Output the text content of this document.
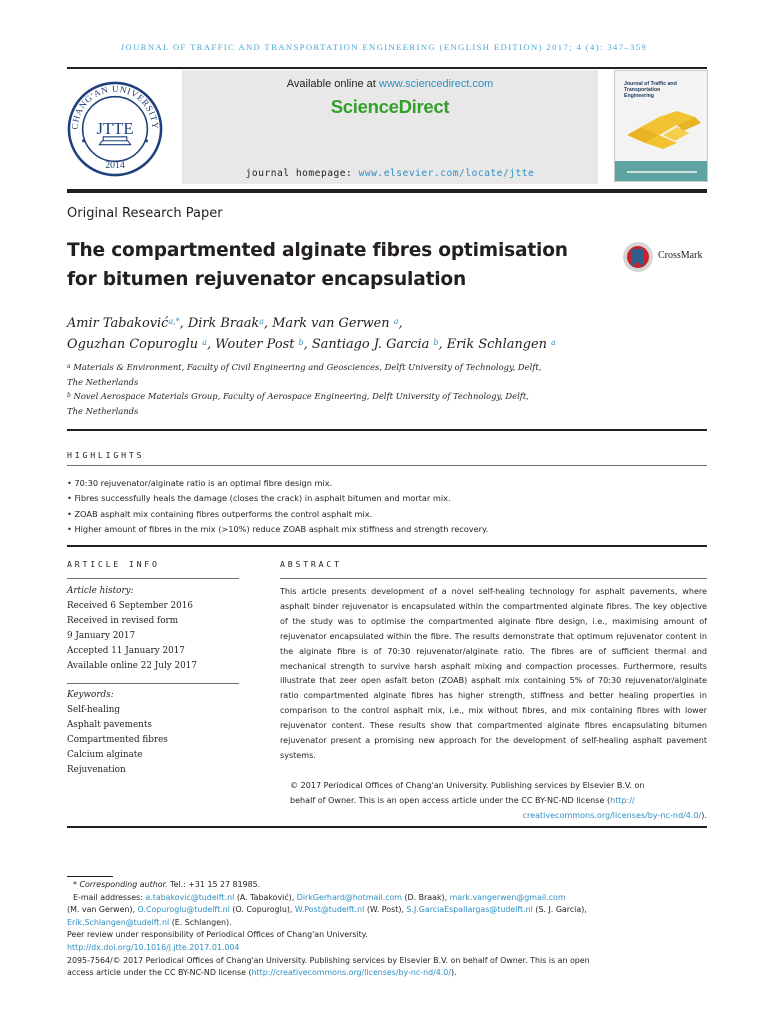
JOURNAL OF TRAFFIC AND TRANSPORTATION ENGINEERING (ENGLISH EDITION) 2017; 4 (4): 347–359
CHANG'AN UNIVERSITY
JTTE
2014
Available online at www.sciencedirect.com
ScienceDirect
journal homepage: www.elsevier.com/locate/jtte
Journal of Traffic and Transportation Engineering
Original Research Paper
The compartmented alginate fibres optimisation
for bitumen rejuvenator encapsulation
CrossMark
Amir Tabaković$^{a,*}$, Dirk Braak$^a$, Mark van Gerwen $^a$,
Oguzhan Copuroglu $^a$, Wouter Post $^b$, Santiago J. Garcia $^b$, Erik Schlangen $^a$
$^a$ Materials & Environment, Faculty of Civil Engineering and Geosciences, Delft University of Technology, Delft,
The Netherlands
$^b$ Novel Aerospace Materials Group, Faculty of Aerospace Engineering, Delft University of Technology, Delft,
The Netherlands
HIGHLIGHTS
• 70:30 rejuvenator/alginate ratio is an optimal fibre design mix.
• Fibres successfully heals the damage (closes the crack) in asphalt bitumen and mortar mix.
• ZOAB asphalt mix containing fibres outperforms the control asphalt mix.
• Higher amount of fibres in the mix (>10%) reduce ZOAB asphalt mix stiffness and strength recovery.
ARTICLE INFO
Article history:
Received 6 September 2016
Received in revised form
9 January 2017
Accepted 11 January 2017
Available online 22 July 2017
Keywords:
Self-healing
Asphalt pavements
Compartmented fibres
Calcium alginate
Rejuvenation
ABSTRACT
This article presents development of a novel self-healing technology for asphalt pavements, where asphalt binder rejuvenator is encapsulated within the compartmented alginate fibres. The key objective of the study was to optimise the compartmented alginate fibre design, i.e., maximising amount of rejuvenator encapsulated within the fibre. The results demonstrate that optimum rejuvenator content in the alginate fibre is of 70:30 rejuvenator/alginate ratio. The fibres are of sufficient thermal and mechanical strength to survive harsh asphalt mixing and compaction processes. Furthermore, results illustrate that zeer open asfalt beton (ZOAB) asphalt mix containing 5% of 70:30 rejuvenator/alginate ratio compartmented alginate fibres has higher strength, stiffness and better healing properties in comparison to the control asphalt mix, i.e., mix without fibres, and mix containing fibres with lower rejuvenator content. These results show that compartmented alginate fibres encapsulating bitumen rejuvenator present a promising new approach for the development of self-healing asphalt pavement systems.
© 2017 Periodical Offices of Chang'an University. Publishing services by Elsevier B.V. on
behalf of Owner. This is an open access article under the CC BY-NC-ND license (http://
creativecommons.org/licenses/by-nc-nd/4.0/).
* Corresponding author. Tel.: +31 15 27 81985.
E-mail addresses: a.tabakovic@tudelft.nl (A. Tabaković), DirkGerhard@hotmail.com (D. Braak), mark.vangerwen@gmail.com
(M. van Gerwen), O.Copuroglu@tudelft.nl (O. Copuroglu), W.Post@tudelft.nl (W. Post), S.J.GarciaEspallargas@tudelft.nl (S. J. Garcia),
Erik.Schlangen@tudelft.nl (E. Schlangen).
Peer review under responsibility of Periodical Offices of Chang'an University.
http://dx.doi.org/10.1016/j.jtte.2017.01.004
2095-7564/© 2017 Periodical Offices of Chang'an University. Publishing services by Elsevier B.V. on behalf of Owner. This is an open
access article under the CC BY-NC-ND license (http://creativecommons.org/licenses/by-nc-nd/4.0/).
